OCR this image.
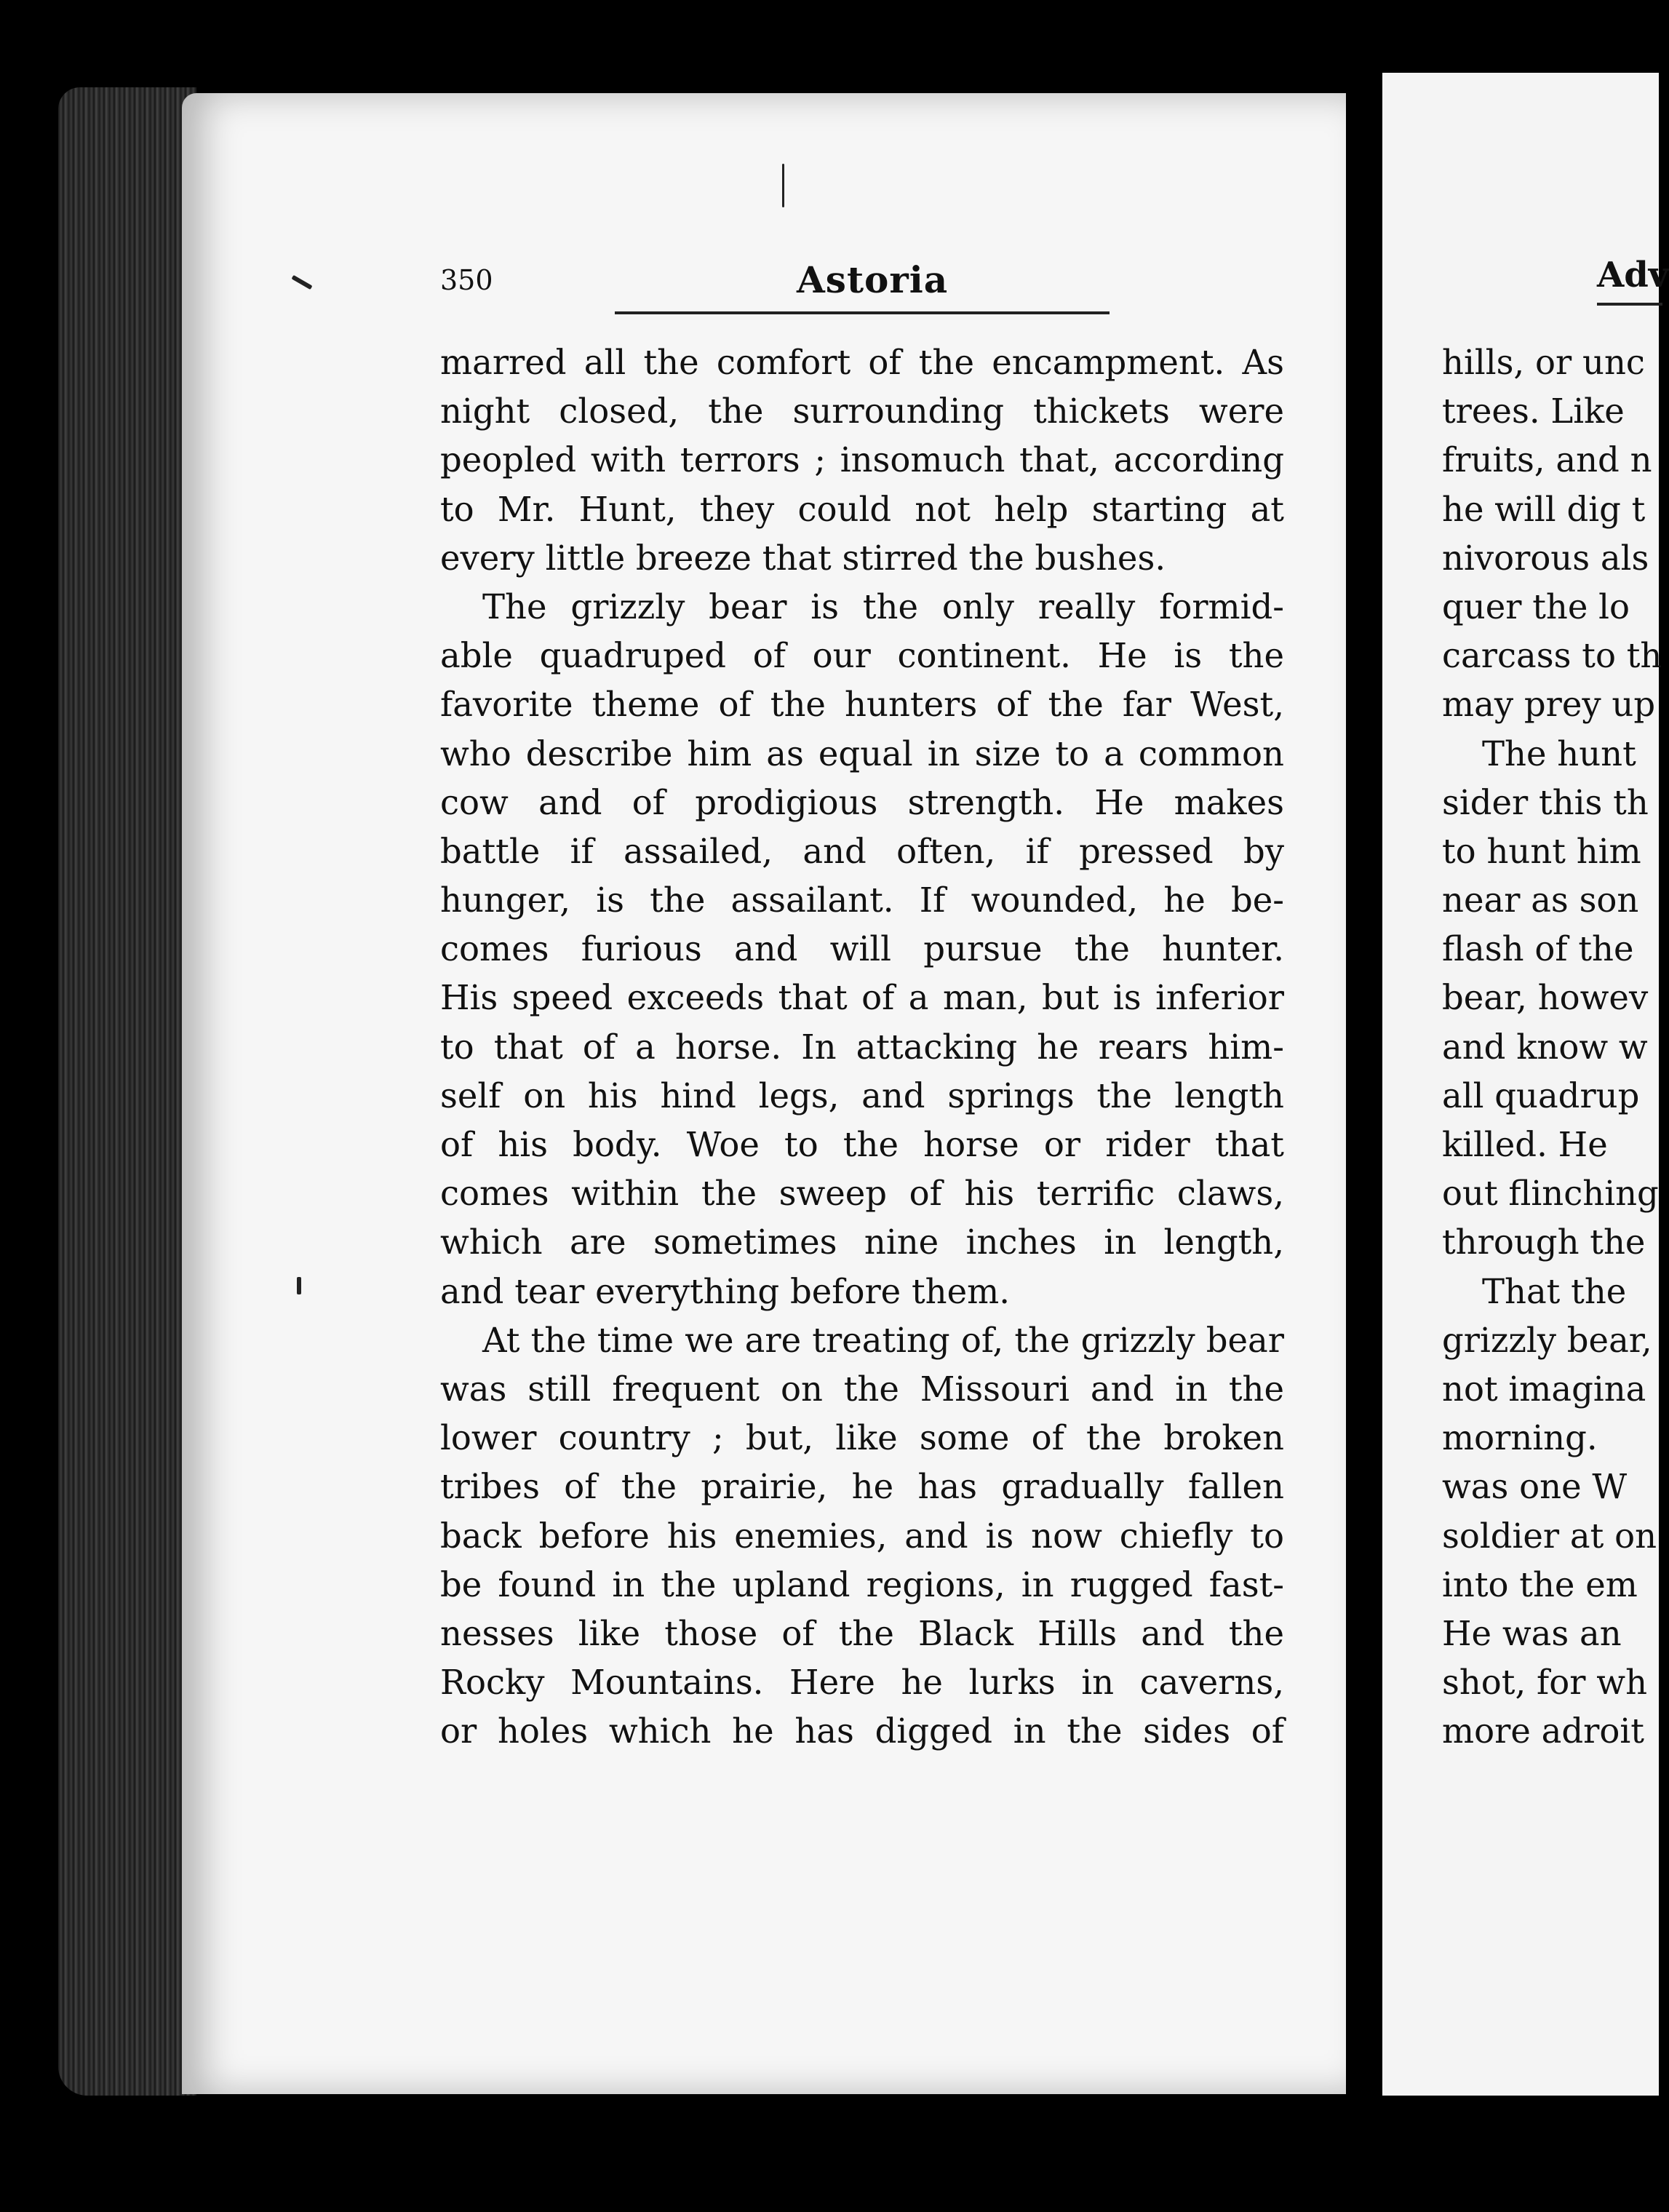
350	Astoria
marred all the comfort of the encampment. As
night closed, the surrounding thickets were
peopled with terrors ; insomuch that, according
to Mr. Hunt, they could not help starting at
every little breeze that stirred the bushes.
The grizzly bear is the only really formid-
able quadruped of our continent. He is the
favorite theme of the hunters of the far West,
who describe him as equal in size to a common
cow and of prodigious strength. He makes
battle if assailed, and often, if pressed by
hunger, is the assailant. If wounded, he be-
comes furious and will pursue the hunter.
His speed exceeds that of a man, but is inferior
to that of a horse. In attacking he rears him-
self on his hind legs, and springs the length
of his body. Woe to the horse or rider that
comes within the sweep of his terrific claws,
which are sometimes nine inches in length,
and tear everything before them.
At the time we are treating of, the grizzly bear
was still frequent on the Missouri and in the
lower country ; but, like some of the broken
tribes of the prairie, he has gradually fallen
back before his enemies, and is now chiefly to
be found in the upland regions, in rugged fast-
nesses like those of the Black Hills and the
Rocky Mountains. Here he lurks in caverns,
or holes which he has digged in the sides of
Adv
hills, or unc
trees. Like
fruits, and n
he will dig t
nivorous als
quer the lo
carcass to th
may prey up
The hunt
sider this th
to hunt him
near as son
flash of the
bear, howev
and know w
all quadrup
killed. He
out flinching
through the
That the
grizzly bear,
not imagina
morning.
was one W
soldier at on
into the em
He was an
shot, for wh
more adroit
